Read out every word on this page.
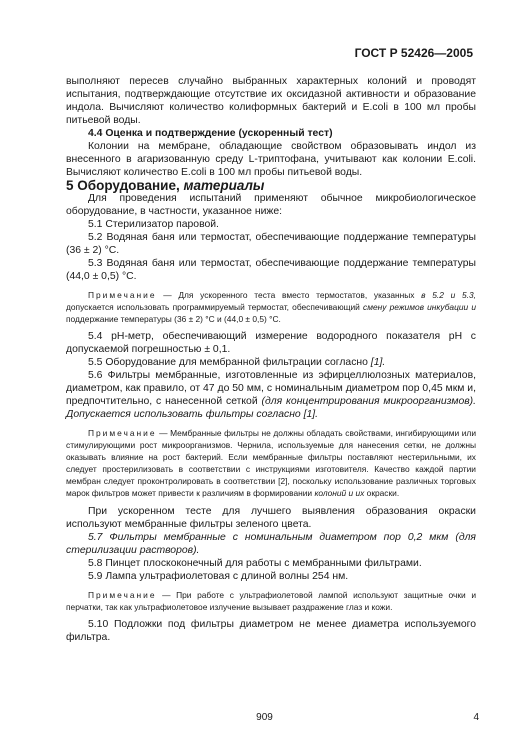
ГОСТ Р 52426—2005

выполняют пересев случайно выбранных характерных колоний и проводят испытания, подтверждающие отсутствие их оксидазной активности и образование индола. Вычисляют количество колиформных бактерий и E.coli в 100 мл пробы питьевой воды.

4.4 Оценка и подтверждение (ускоренный тест)

Колонии на мембране, обладающие свойством образовывать индол из внесенного в агаризованную среду L-триптофана, учитывают как колонии E.coli. Вычисляют количество E.coli в 100 мл пробы питьевой воды.

5 Оборудование, материалы

Для проведения испытаний применяют обычное микробиологическое оборудование, в частности, указанное ниже:

5.1 Стерилизатор паровой.

5.2 Водяная баня или термостат, обеспечивающие поддержание температуры (36 ± 2) °С.

5.3 Водяная баня или термостат, обеспечивающие поддержание температуры (44,0 ± 0,5) °С.

Примечание — Для ускоренного теста вместо термостатов, указанных в 5.2 и 5.3, допускается использовать программируемый термостат, обеспечивающий смену режимов инкубации и поддержание температуры (36 ± 2) °С и (44,0 ± 0,5) °С.

5.4 рН-метр, обеспечивающий измерение водородного показателя рН с допускаемой погрешностью ± 0,1.

5.5 Оборудование для мембранной фильтрации согласно [1].

5.6 Фильтры мембранные, изготовленные из эфирцеллюлозных материалов, диаметром, как правило, от 47 до 50 мм, с номинальным диаметром пор 0,45 мкм и, предпочтительно, с нанесенной сеткой (для концентрирования микроорганизмов). Допускается использовать фильтры согласно [1].

Примечание — Мембранные фильтры не должны обладать свойствами, ингибирующими или стимулирующими рост микроорганизмов. Чернила, используемые для нанесения сетки, не должны оказывать влияние на рост бактерий. Если мембранные фильтры поставляют нестерильными, их следует простерилизовать в соответствии с инструкциями изготовителя. Качество каждой партии мембран следует проконтролировать в соответствии [2], поскольку использование различных торговых марок фильтров может привести к различиям в формировании колоний и их окраски.

При ускоренном тесте для лучшего выявления образования окраски используют мембранные фильтры зеленого цвета.

5.7 Фильтры мембранные с номинальным диаметром пор 0,2 мкм (для стерилизации растворов).

5.8 Пинцет плоскоконечный для работы с мембранными фильтрами.

5.9 Лампа ультрафиолетовая с длиной волны 254 нм.

Примечание — При работе с ультрафиолетовой лампой используют защитные очки и перчатки, так как ультрафиолетовое излучение вызывает раздражение глаз и кожи.

5.10 Подложки под фильтры диаметром не менее диаметра используемого фильтра.

909	4
